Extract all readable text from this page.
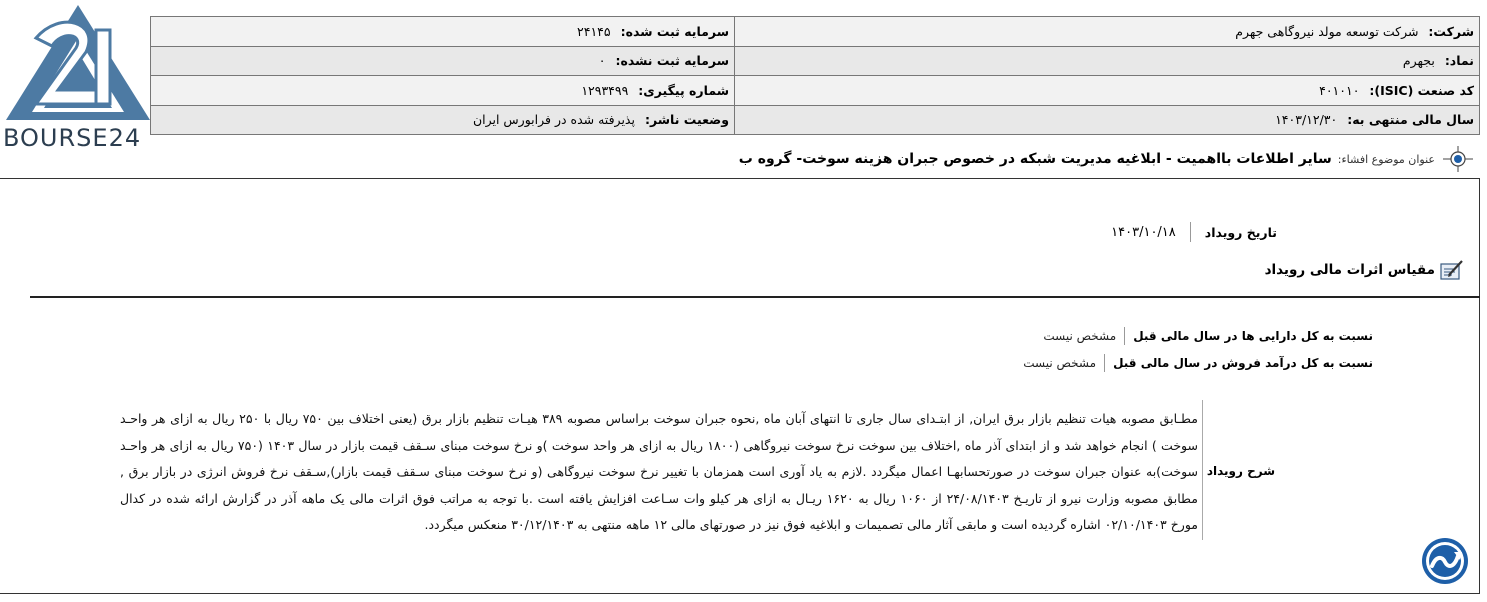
BOURSE24
شرکت: شرکت توسعه مولد نیروگاهی جهرم	سرمایه ثبت شده: ۲۴۱۴۵
نماد: بجهرم	سرمایه ثبت نشده: ۰
کد صنعت (ISIC): ۴۰۱۰۱۰	شماره پیگیری: ۱۲۹۳۴۹۹
سال مالی منتهی به: ۱۴۰۳/۱۲/۳۰	وضعیت ناشر: پذیرفته شده در فرابورس ایران
عنوان موضوع افشاء:
سایر اطلاعات بااهمیت - ابلاغیه مدیریت شبکه در خصوص جبران هزینه سوخت- گروه ب
تاریخ رویداد
۱۴۰۳/۱۰/۱۸
مقیاس اثرات مالی رویداد
نسبت به کل دارایی ها در سال مالی قبل
مشخص نیست
نسبت به کل درآمد فروش در سال مالی قبل
مشخص نیست
شرح رویداد
مطـابق مصوبه هیات تنظیم بازار برق ایران, از ابتـدای سال جاری تا انتهای آبان ماه ,نحوه جبران سوخت براساس مصوبه ۳۸۹ هیـات تنظیم بازار برق (یعنی اختلاف بین ۷۵۰ ریال با ۲۵۰ ریال به ازای هر واحـد سوخت ) انجام خواهد شد و از ابتدای آذر ماه ,اختلاف بین سوخت نرخ سوخت نیروگاهی (۱۸۰۰ ریال به ازای هر واحد سوخت )و نرخ سوخت مبنای سـقف قیمت بازار در سال ۱۴۰۳ (۷۵۰ ریال به ازای هر واحـد سوخت)به عنوان جبران سوخت در صورتحسابهـا اعمال میگردد .لازم به یاد آوری است همزمان با تغییر نرخ سوخت نیروگاهی (و نرخ سوخت مبنای سـقف قیمت بازار),سـقف نرخ فروش انرژی در بازار برق , مطابق مصوبه وزارت نیرو از تاریـخ ۲۴/۰۸/۱۴۰۳ از ۱۰۶۰ ریال به ۱۶۲۰ ریـال به ازای هر کیلو وات سـاعت افزایش یافته است .با توجه به مراتب فوق اثرات مالی یک ماهه آذر در گزارش ارائه شده در کدال مورخ ۰۲/۱۰/۱۴۰۳ اشاره گردیده است و مابقی آثار مالی تصمیمات و ابلاغیه فوق نیز در صورتهای مالی ۱۲ ماهه منتهی به ۳۰/۱۲/۱۴۰۳ منعکس میگردد.
